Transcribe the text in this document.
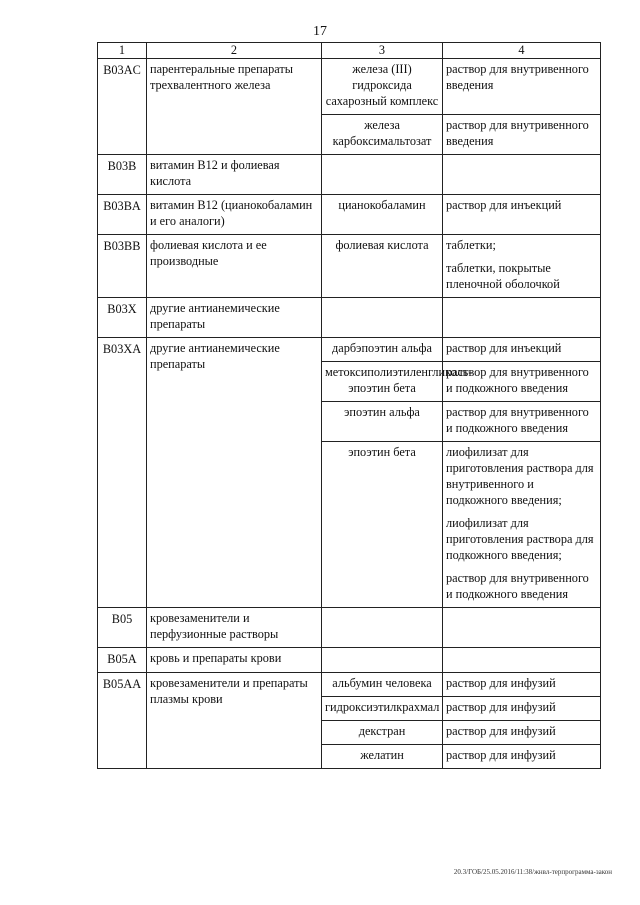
17
1	2	3	4
B03AC	парентеральные препараты трехвалентного железа	железа (III) гидроксида сахарозный комплекс	раствор для внутривенного введения

		железа карбоксимальтозат	раствор для внутривенного введения

B03B	витамин В12 и фолиевая кислота		

B03BA	витамин В12 (цианокобаламин и его аналоги)	цианокобаламин	раствор для инъекций

B03BB	фолиевая кислота и ее производные	фолиевая кислота	таблетки;
таблетки, покрытые пленочной оболочкой

B03X	другие антианемические препараты		

B03XA	другие антианемические препараты	дарбэпоэтин альфа	раствор для инъекций

		метоксиполиэтиленгликоль-эпоэтин бета	раствор для внутривенного и подкожного введения

		эпоэтин альфа	раствор для внутривенного и подкожного введения

		эпоэтин бета	лиофилизат для приготовления раствора для внутривенного и подкожного введения;
лиофилизат для приготовления раствора для подкожного введения;
раствор для внутривенного и подкожного введения

B05	кровезаменители и перфузионные растворы		

B05A	кровь и препараты крови		

B05AA	кровезаменители и препараты плазмы крови	альбумин человека	раствор для инфузий

		гидроксиэтилкрахмал	раствор для инфузий

		декстран	раствор для инфузий

		желатин	раствор для инфузий
20.3/ГОБ/25.05.2016/11:38/жнвл-терпрограмма-закон
